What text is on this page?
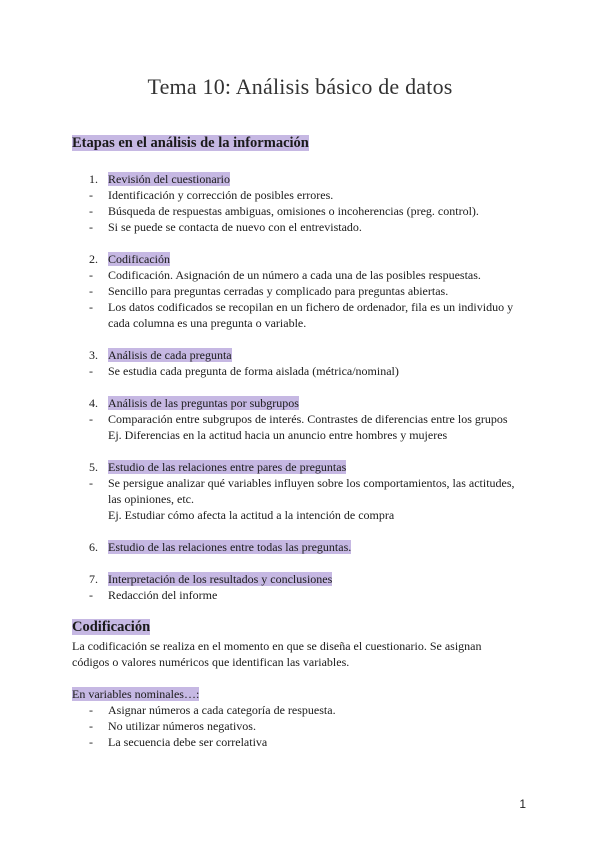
Tema 10: Análisis básico de datos
Etapas en el análisis de la información
1. Revisión del cuestionario
- Identificación y corrección de posibles errores.
- Búsqueda de respuestas ambiguas, omisiones o incoherencias (preg. control).
- Si se puede se contacta de nuevo con el entrevistado.
2. Codificación
- Codificación. Asignación de un número a cada una de las posibles respuestas.
- Sencillo para preguntas cerradas y complicado para preguntas abiertas.
- Los datos codificados se recopilan en un fichero de ordenador, fila es un individuo y
cada columna es una pregunta o variable.
3. Análisis de cada pregunta
- Se estudia cada pregunta de forma aislada (métrica/nominal)
4. Análisis de las preguntas por subgrupos
- Comparación entre subgrupos de interés. Contrastes de diferencias entre los grupos
Ej. Diferencias en la actitud hacia un anuncio entre hombres y mujeres
5. Estudio de las relaciones entre pares de preguntas
- Se persigue analizar qué variables influyen sobre los comportamientos, las actitudes,
las opiniones, etc.
Ej. Estudiar cómo afecta la actitud a la intención de compra
6. Estudio de las relaciones entre todas las preguntas.
7. Interpretación de los resultados y conclusiones
- Redacción del informe
Codificación
La codificación se realiza en el momento en que se diseña el cuestionario. Se asignan
códigos o valores numéricos que identifican las variables.
En variables nominales…:
- Asignar números a cada categoría de respuesta.
- No utilizar números negativos.
- La secuencia debe ser correlativa
1
